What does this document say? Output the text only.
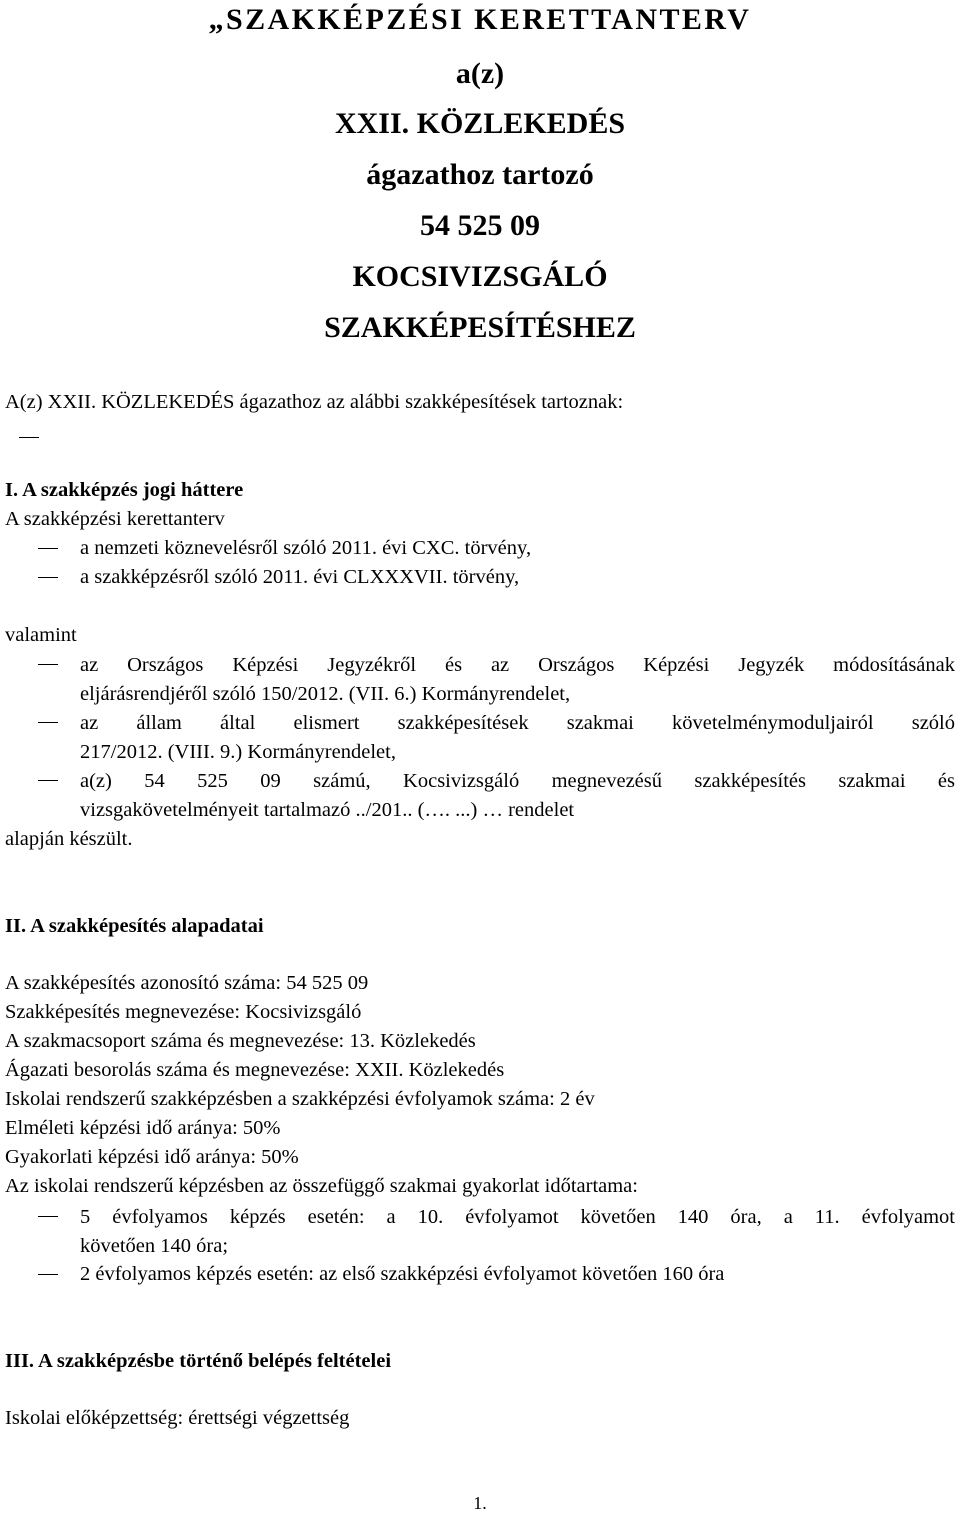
„SZAKKÉPZÉSI KERETTANTERV
a(z)
XXII. KÖZLEKEDÉS
ágazathoz tartozó
54 525 09
KOCSIVIZSGÁLÓ
SZAKKÉPESÍTÉSHEZ
A(z) XXII. KÖZLEKEDÉS ágazathoz az alábbi szakképesítések tartoznak:
I. A szakképzés jogi háttere
A szakképzési kerettanterv
a nemzeti köznevelésről szóló 2011. évi CXC. törvény,
a szakképzésről szóló 2011. évi CLXXXVII. törvény,
valamint
az Országos Képzési Jegyzékről és az Országos Képzési Jegyzék módosításának
eljárásrendjéről szóló 150/2012. (VII. 6.) Kormányrendelet,
az állam által elismert szakképesítések szakmai követelménymoduljairól szóló
217/2012. (VIII. 9.) Kormányrendelet,
a(z) 54 525 09 számú, Kocsivizsgáló megnevezésű szakképesítés szakmai és
vizsgakövetelményeit tartalmazó ../201.. (…. ...) … rendelet
alapján készült.
II. A szakképesítés alapadatai
A szakképesítés azonosító száma: 54 525 09
Szakképesítés megnevezése: Kocsivizsgáló
A szakmacsoport száma és megnevezése: 13. Közlekedés
Ágazati besorolás száma és megnevezése: XXII. Közlekedés
Iskolai rendszerű szakképzésben a szakképzési évfolyamok száma: 2 év
Elméleti képzési idő aránya: 50%
Gyakorlati képzési idő aránya: 50%
Az iskolai rendszerű képzésben az összefüggő szakmai gyakorlat időtartama:
5 évfolyamos képzés esetén: a 10. évfolyamot követően 140 óra, a 11. évfolyamot
követően 140 óra;
2 évfolyamos képzés esetén: az első szakképzési évfolyamot követően 160 óra
III. A szakképzésbe történő belépés feltételei
Iskolai előképzettség: érettségi végzettség
1.
